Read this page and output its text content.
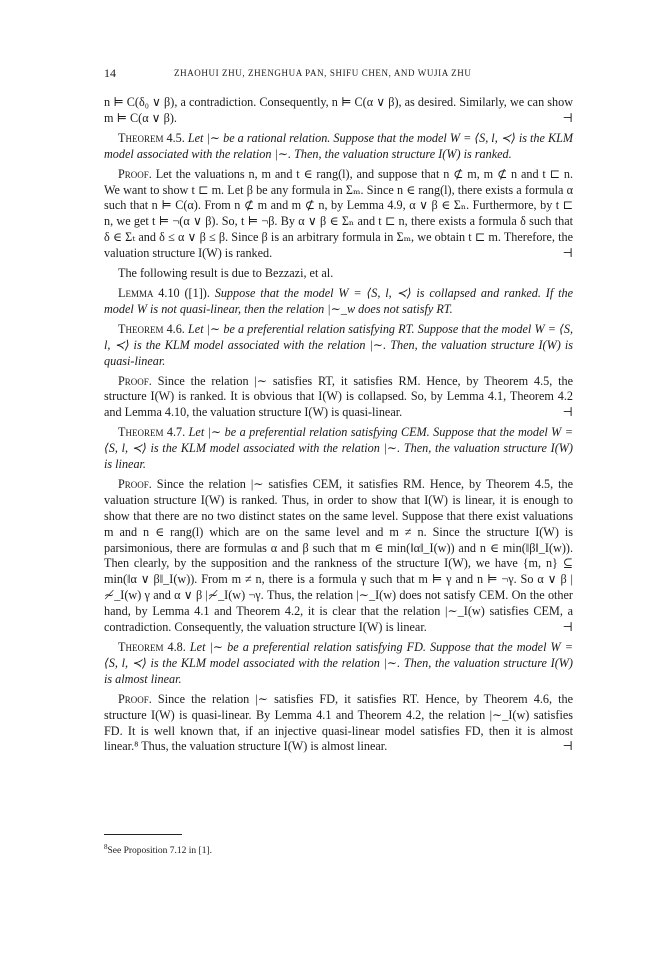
14	ZHAOHUI ZHU, ZHENGHUA PAN, SHIFU CHEN, AND WUJIA ZHU

n ⊨ C(δ₀ ∨ β), a contradiction. Consequently, n ⊨ C(α ∨ β), as desired. Similarly, we can show m ⊨ C(α ∨ β).	⊣

Theorem 4.5. Let |∼ be a rational relation. Suppose that the model W = ⟨S, l, ≺⟩ is the KLM model associated with the relation |∼. Then, the valuation structure I(W) is ranked.

Proof. Let the valuations n, m and t ∈ rang(l), and suppose that n ⊄ m, m ⊄ n and t ⊏ n. We want to show t ⊏ m. Let β be any formula in Σₘ. Since n ∈ rang(l), there exists a formula α such that n ⊨ C(α). From n ⊄ m and m ⊄ n, by Lemma 4.9, α ∨ β ∈ Σₙ. Furthermore, by t ⊏ n, we get t ⊨ ¬(α ∨ β). So, t ⊨ ¬β. By α ∨ β ∈ Σₙ and t ⊏ n, there exists a formula δ such that δ ∈ Σₜ and δ ≤ α ∨ β ≤ β. Since β is an arbitrary formula in Σₘ, we obtain t ⊏ m. Therefore, the valuation structure I(W) is ranked.	⊣

The following result is due to Bezzazi, et al.

Lemma 4.10 ([1]). Suppose that the model W = ⟨S, l, ≺⟩ is collapsed and ranked. If the model W is not quasi-linear, then the relation |∼_w does not satisfy RT.

Theorem 4.6. Let |∼ be a preferential relation satisfying RT. Suppose that the model W = ⟨S, l, ≺⟩ is the KLM model associated with the relation |∼. Then, the valuation structure I(W) is quasi-linear.

Proof. Since the relation |∼ satisfies RT, it satisfies RM. Hence, by Theorem 4.5, the structure I(W) is ranked. It is obvious that I(W) is collapsed. So, by Lemma 4.1, Theorem 4.2 and Lemma 4.10, the valuation structure I(W) is quasi-linear.	⊣

Theorem 4.7. Let |∼ be a preferential relation satisfying CEM. Suppose that the model W = ⟨S, l, ≺⟩ is the KLM model associated with the relation |∼. Then, the valuation structure I(W) is linear.

Proof. Since the relation |∼ satisfies CEM, it satisfies RM. Hence, by Theorem 4.5, the valuation structure I(W) is ranked. Thus, in order to show that I(W) is linear, it is enough to show that there are no two distinct states on the same level. Suppose that there exist valuations m and n ∈ rang(l) which are on the same level and m ≠ n. Since the structure I(W) is parsimonious, there are formulas α and β such that m ∈ min(‖α‖_I(w)) and n ∈ min(‖β‖_I(w)). Then clearly, by the supposition and the rankness of the structure I(W), we have {m, n} ⊆ min(‖α ∨ β‖_I(w)). From m ≠ n, there is a formula γ such that m ⊨ γ and n ⊨ ¬γ. So α ∨ β |≁_I(w) γ and α ∨ β |≁_I(w) ¬γ. Thus, the relation |∼_I(w) does not satisfy CEM. On the other hand, by Lemma 4.1 and Theorem 4.2, it is clear that the relation |∼_I(w) satisfies CEM, a contradiction. Consequently, the valuation structure I(W) is linear.	⊣

Theorem 4.8. Let |∼ be a preferential relation satisfying FD. Suppose that the model W = ⟨S, l, ≺⟩ is the KLM model associated with the relation |∼. Then, the valuation structure I(W) is almost linear.

Proof. Since the relation |∼ satisfies FD, it satisfies RT. Hence, by Theorem 4.6, the structure I(W) is quasi-linear. By Lemma 4.1 and Theorem 4.2, the relation |∼_I(w) satisfies FD. It is well known that, if an injective quasi-linear model satisfies FD, then it is almost linear.⁸ Thus, the valuation structure I(W) is almost linear.	⊣

$^8$See Proposition 7.12 in [1].
